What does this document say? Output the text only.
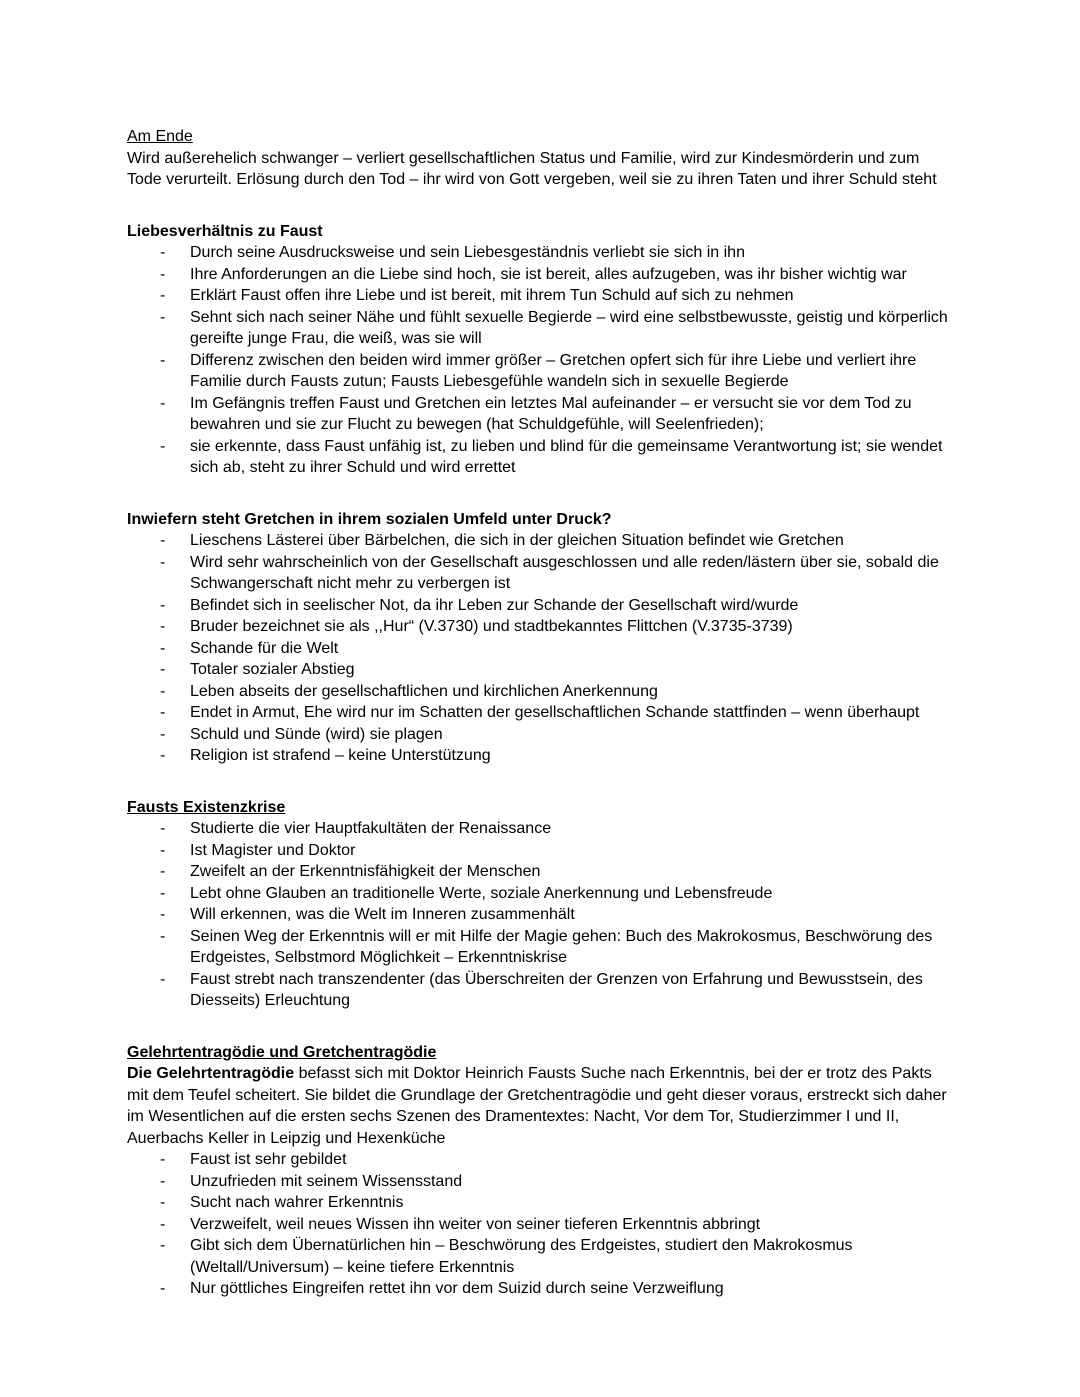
Am Ende

Wird außerehelich schwanger – verliert gesellschaftlichen Status und Familie, wird zur Kindesmörderin und zum Tode verurteilt. Erlösung durch den Tod – ihr wird von Gott vergeben, weil sie zu ihren Taten und ihrer Schuld steht

Liebesverhältnis zu Faust
- Durch seine Ausdrucksweise und sein Liebesgeständnis verliebt sie sich in ihn
- Ihre Anforderungen an die Liebe sind hoch, sie ist bereit, alles aufzugeben, was ihr bisher wichtig war
- Erklärt Faust offen ihre Liebe und ist bereit, mit ihrem Tun Schuld auf sich zu nehmen
- Sehnt sich nach seiner Nähe und fühlt sexuelle Begierde – wird eine selbstbewusste, geistig und körperlich gereifte junge Frau, die weiß, was sie will
- Differenz zwischen den beiden wird immer größer – Gretchen opfert sich für ihre Liebe und verliert ihre Familie durch Fausts zutun; Fausts Liebesgefühle wandeln sich in sexuelle Begierde
- Im Gefängnis treffen Faust und Gretchen ein letztes Mal aufeinander – er versucht sie vor dem Tod zu bewahren und sie zur Flucht zu bewegen (hat Schuldgefühle, will Seelenfrieden);
- sie erkennte, dass Faust unfähig ist, zu lieben und blind für die gemeinsame Verantwortung ist; sie wendet sich ab, steht zu ihrer Schuld und wird errettet
Inwiefern steht Gretchen in ihrem sozialen Umfeld unter Druck?
- Lieschens Lästerei über Bärbelchen, die sich in der gleichen Situation befindet wie Gretchen
- Wird sehr wahrscheinlich von der Gesellschaft ausgeschlossen und alle reden/lästern über sie, sobald die Schwangerschaft nicht mehr zu verbergen ist
- Befindet sich in seelischer Not, da ihr Leben zur Schande der Gesellschaft wird/wurde
- Bruder bezeichnet sie als ,,Hur“ (V.3730) und stadtbekanntes Flittchen (V.3735-3739)
- Schande für die Welt
- Totaler sozialer Abstieg
- Leben abseits der gesellschaftlichen und kirchlichen Anerkennung
- Endet in Armut, Ehe wird nur im Schatten der gesellschaftlichen Schande stattfinden – wenn überhaupt
- Schuld und Sünde (wird) sie plagen
- Religion ist strafend – keine Unterstützung
Fausts Existenzkrise
- Studierte die vier Hauptfakultäten der Renaissance
- Ist Magister und Doktor
- Zweifelt an der Erkenntnisfähigkeit der Menschen
- Lebt ohne Glauben an traditionelle Werte, soziale Anerkennung und Lebensfreude
- Will erkennen, was die Welt im Inneren zusammenhält
- Seinen Weg der Erkenntnis will er mit Hilfe der Magie gehen: Buch des Makrokosmus, Beschwörung des Erdgeistes, Selbstmord Möglichkeit – Erkenntniskrise
- Faust strebt nach transzendenter (das Überschreiten der Grenzen von Erfahrung und Bewusstsein, des Diesseits) Erleuchtung
Gelehrtentragödie und Gretchentragödie

Die Gelehrtentragödie befasst sich mit Doktor Heinrich Fausts Suche nach Erkenntnis, bei der er trotz des Pakts mit dem Teufel scheitert. Sie bildet die Grundlage der Gretchentragödie und geht dieser voraus, erstreckt sich daher im Wesentlichen auf die ersten sechs Szenen des Dramentextes: Nacht, Vor dem Tor, Studierzimmer I und II, Auerbachs Keller in Leipzig und Hexenküche

- Faust ist sehr gebildet
- Unzufrieden mit seinem Wissensstand
- Sucht nach wahrer Erkenntnis
- Verzweifelt, weil neues Wissen ihn weiter von seiner tieferen Erkenntnis abbringt
- Gibt sich dem Übernatürlichen hin – Beschwörung des Erdgeistes, studiert den Makrokosmus (Weltall/Universum) – keine tiefere Erkenntnis
- Nur göttliches Eingreifen rettet ihn vor dem Suizid durch seine Verzweiflung
